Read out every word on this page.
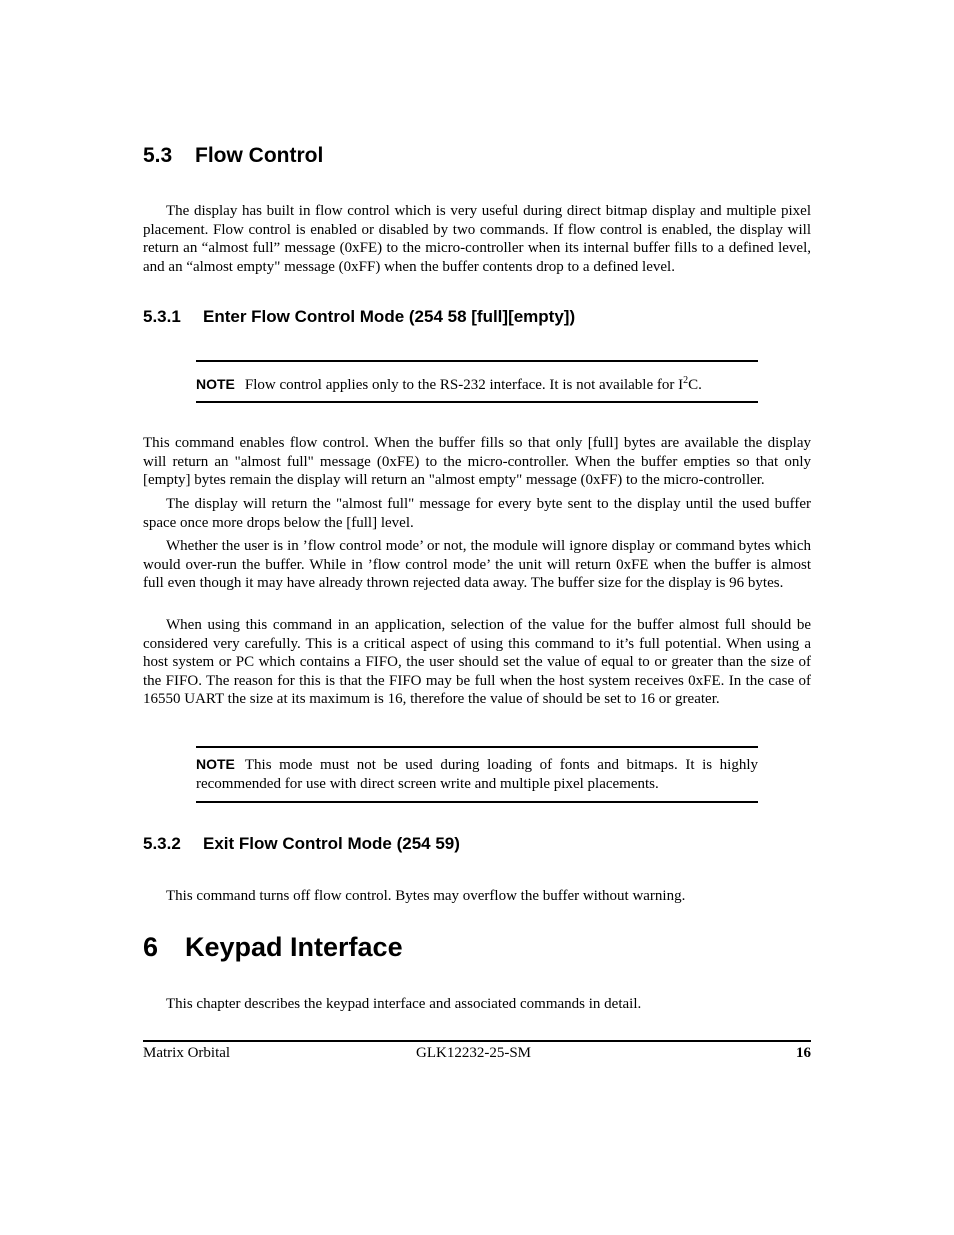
5.3 Flow Control

The display has built in flow control which is very useful during direct bitmap display and multiple pixel placement. Flow control is enabled or disabled by two commands. If flow control is enabled, the display will return an “almost full” message (0xFE) to the micro-controller when its internal buffer fills to a defined level, and an “almost empty" message (0xFF) when the buffer contents drop to a defined level.

5.3.1 Enter Flow Control Mode (254 58 [full][empty])
NOTE Flow control applies only to the RS-232 interface. It is not available for $I^2C$.

This command enables flow control. When the buffer fills so that only [full] bytes are available the display will return an "almost full" message (0xFE) to the micro-controller. When the buffer empties so that only [empty] bytes remain the display will return an "almost empty" message (0xFF) to the micro-controller.

The display will return the "almost full" message for every byte sent to the display until the used buffer space once more drops below the [full] level.

Whether the user is in ’flow control mode’ or not, the module will ignore display or command bytes which would over-run the buffer. While in ’flow control mode’ the unit will return 0xFE when the buffer is almost full even though it may have already thrown rejected data away. The buffer size for the display is 96 bytes.

When using this command in an application, selection of the value for the buffer almost full should be considered very carefully. This is a critical aspect of using this command to it’s full potential. When using a host system or PC which contains a FIFO, the user should set the value of equal to or greater than the size of the FIFO. The reason for this is that the FIFO may be full when the host system receives 0xFE. In the case of 16550 UART the size at its maximum is 16, therefore the value of should be set to 16 or greater.

NOTE This mode must not be used during loading of fonts and bitmaps. It is highly recommended for use with direct screen write and multiple pixel placements.
5.3.2 Exit Flow Control Mode (254 59)

This command turns off flow control. Bytes may overflow the buffer without warning.

6 Keypad Interface

This chapter describes the keypad interface and associated commands in detail.

Matrix Orbital	GLK12232-25-SM	16
